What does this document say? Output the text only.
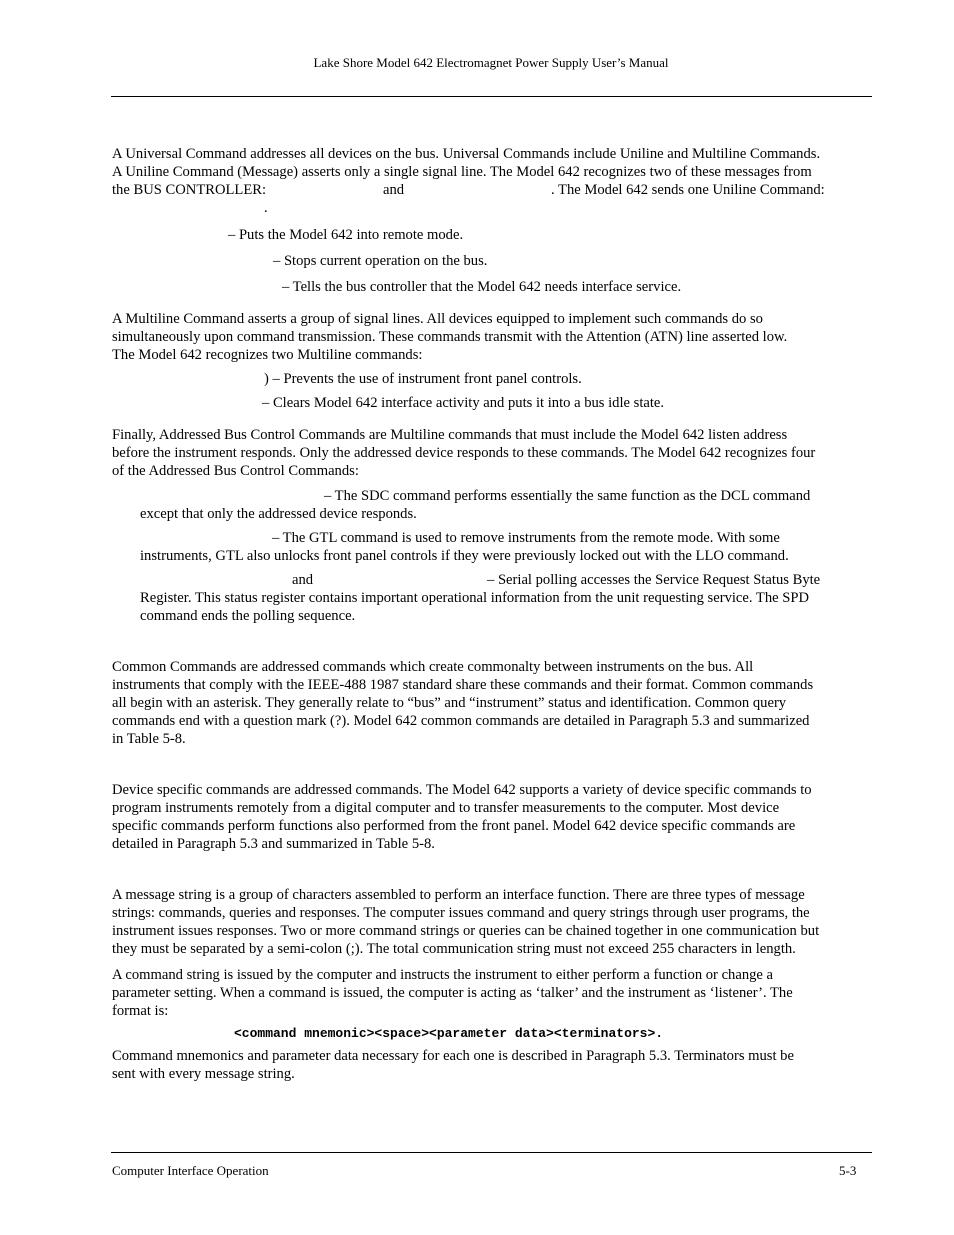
Lake Shore Model 642 Electromagnet Power Supply User’s Manual
A Universal Command addresses all devices on the bus. Universal Commands include Uniline and Multiline Commands.
A Uniline Command (Message) asserts only a single signal line. The Model 642 recognizes two of these messages from
the BUS CONTROLLER:	and	. The Model 642 sends one Uniline Command:
.
– Puts the Model 642 into remote mode.
– Stops current operation on the bus.
– Tells the bus controller that the Model 642 needs interface service.
A Multiline Command asserts a group of signal lines. All devices equipped to implement such commands do so
simultaneously upon command transmission. These commands transmit with the Attention (ATN) line asserted low.
The Model 642 recognizes two Multiline commands:
) – Prevents the use of instrument front panel controls.
– Clears Model 642 interface activity and puts it into a bus idle state.
Finally, Addressed Bus Control Commands are Multiline commands that must include the Model 642 listen address
before the instrument responds. Only the addressed device responds to these commands. The Model 642 recognizes four
of the Addressed Bus Control Commands:
– The SDC command performs essentially the same function as the DCL command
except that only the addressed device responds.
– The GTL command is used to remove instruments from the remote mode. With some
instruments, GTL also unlocks front panel controls if they were previously locked out with the LLO command.
and	– Serial polling accesses the Service Request Status Byte
Register. This status register contains important operational information from the unit requesting service. The SPD
command ends the polling sequence.
Common Commands are addressed commands which create commonalty between instruments on the bus. All
instruments that comply with the IEEE-488 1987 standard share these commands and their format. Common commands
all begin with an asterisk. They generally relate to “bus” and “instrument” status and identification. Common query
commands end with a question mark (?). Model 642 common commands are detailed in Paragraph 5.3 and summarized
in Table 5-8.
Device specific commands are addressed commands. The Model 642 supports a variety of device specific commands to
program instruments remotely from a digital computer and to transfer measurements to the computer. Most device
specific commands perform functions also performed from the front panel. Model 642 device specific commands are
detailed in Paragraph 5.3 and summarized in Table 5-8.
A message string is a group of characters assembled to perform an interface function. There are three types of message
strings: commands, queries and responses. The computer issues command and query strings through user programs, the
instrument issues responses. Two or more command strings or queries can be chained together in one communication but
they must be separated by a semi-colon (;). The total communication string must not exceed 255 characters in length.
A command string is issued by the computer and instructs the instrument to either perform a function or change a
parameter setting. When a command is issued, the computer is acting as ‘talker’ and the instrument as ‘listener’. The
format is:
<command mnemonic><space><parameter data><terminators>.
Command mnemonics and parameter data necessary for each one is described in Paragraph 5.3. Terminators must be
sent with every message string.
Computer Interface Operation	5-3
